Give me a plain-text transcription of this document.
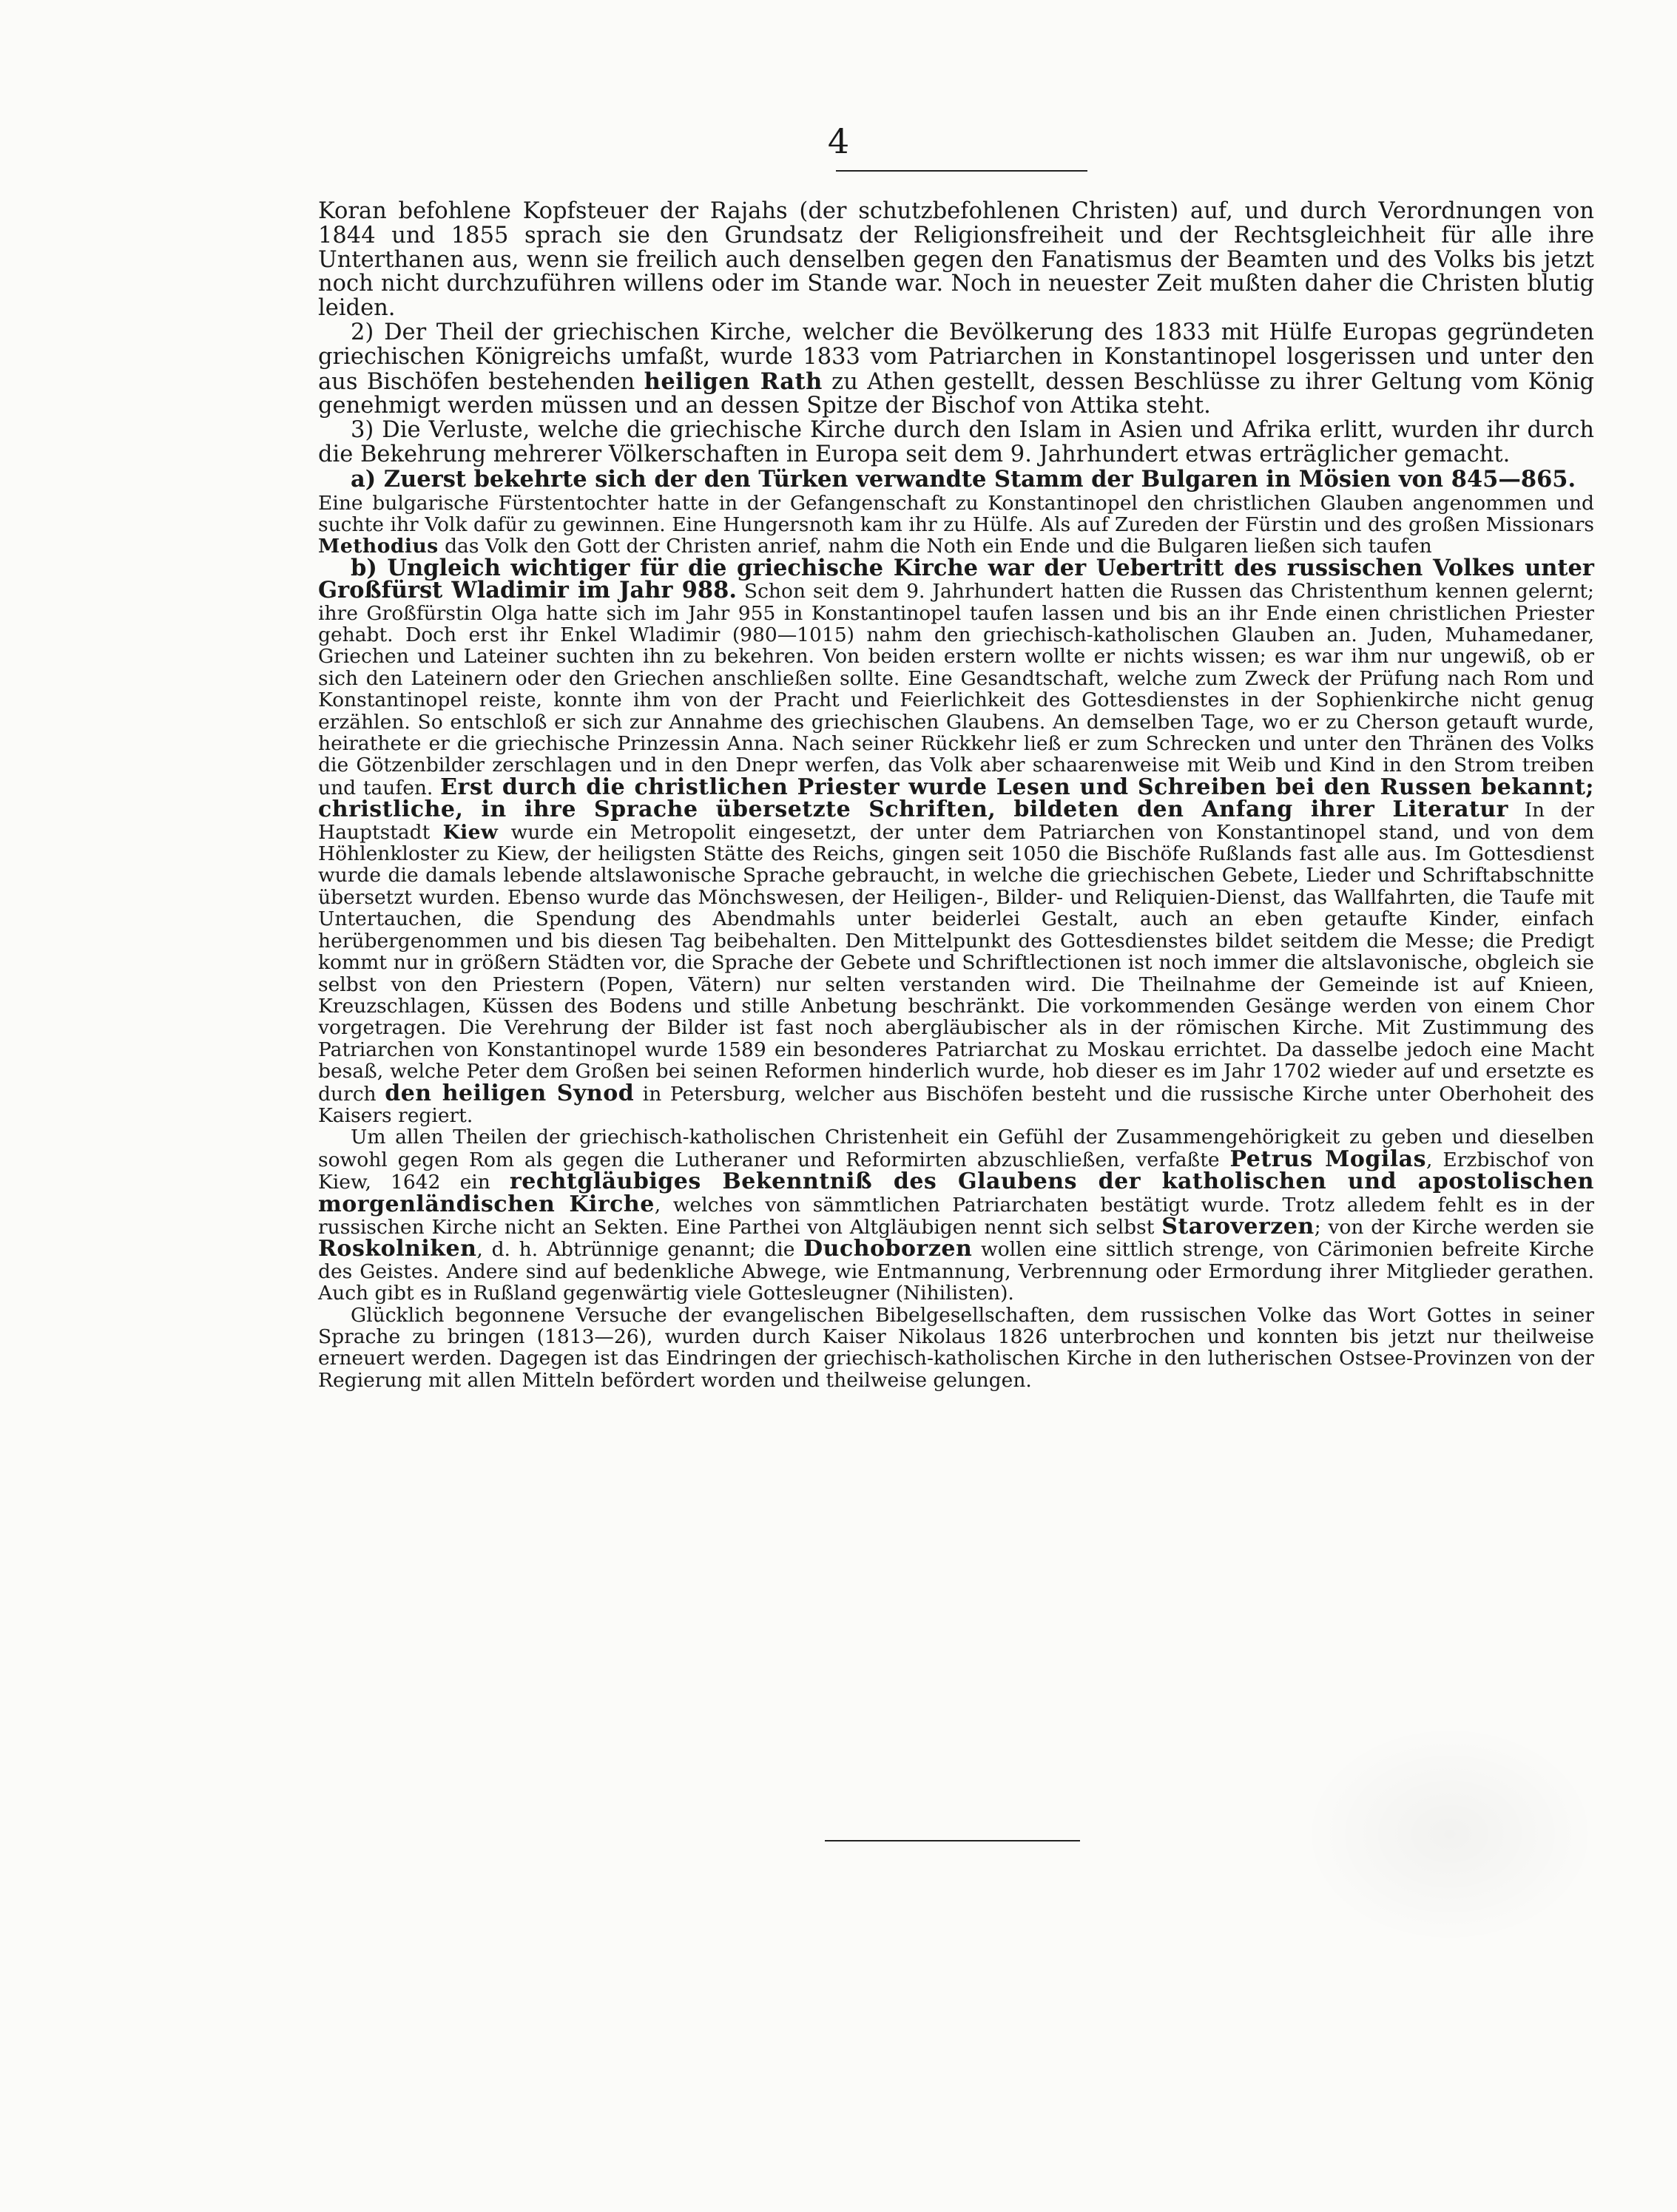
4

Koran befohlene Kopfsteuer der Rajahs (der schutzbefohlenen Christen) auf, und durch Verordnungen von 1844 und 1855 sprach sie den Grundsatz der Religionsfreiheit und der Rechtsgleichheit für alle ihre Unterthanen aus, wenn sie freilich auch denselben gegen den Fanatismus der Beamten und des Volks bis jetzt noch nicht durchzuführen willens oder im Stande war. Noch in neuester Zeit mußten daher die Christen blutig leiden.

2) Der Theil der griechischen Kirche, welcher die Bevölkerung des 1833 mit Hülfe Europas gegründeten griechischen Königreichs umfaßt, wurde 1833 vom Patriarchen in Konstantinopel losgerissen und unter den aus Bischöfen bestehenden heiligen Rath zu Athen gestellt, dessen Beschlüsse zu ihrer Geltung vom König genehmigt werden müssen und an dessen Spitze der Bischof von Attika steht.

3) Die Verluste, welche die griechische Kirche durch den Islam in Asien und Afrika erlitt, wurden ihr durch die Bekehrung mehrerer Völkerschaften in Europa seit dem 9. Jahrhundert etwas erträglicher gemacht.

a) Zuerst bekehrte sich der den Türken verwandte Stamm der Bulgaren in Mösien von 845—865.

Eine bulgarische Fürstentochter hatte in der Gefangenschaft zu Konstantinopel den christlichen Glauben angenommen und suchte ihr Volk dafür zu gewinnen. Eine Hungersnoth kam ihr zu Hülfe. Als auf Zureden der Fürstin und des großen Missionars Methodius das Volk den Gott der Christen anrief, nahm die Noth ein Ende und die Bulgaren ließen sich taufen

b) Ungleich wichtiger für die griechische Kirche war der Uebertritt des russischen Volkes unter Großfürst Wladimir im Jahr 988. Schon seit dem 9. Jahrhundert hatten die Russen das Christenthum kennen gelernt; ihre Großfürstin Olga hatte sich im Jahr 955 in Konstantinopel taufen lassen und bis an ihr Ende einen christlichen Priester gehabt. Doch erst ihr Enkel Wladimir (980—1015) nahm den griechisch-katholischen Glauben an. Juden, Muhamedaner, Griechen und Lateiner suchten ihn zu bekehren. Von beiden erstern wollte er nichts wissen; es war ihm nur ungewiß, ob er sich den Lateinern oder den Griechen anschließen sollte. Eine Gesandtschaft, welche zum Zweck der Prüfung nach Rom und Konstantinopel reiste, konnte ihm von der Pracht und Feierlichkeit des Gottesdienstes in der Sophienkirche nicht genug erzählen. So entschloß er sich zur Annahme des griechischen Glaubens. An demselben Tage, wo er zu Cherson getauft wurde, heirathete er die griechische Prinzessin Anna. Nach seiner Rückkehr ließ er zum Schrecken und unter den Thränen des Volks die Götzenbilder zerschlagen und in den Dnepr werfen, das Volk aber schaarenweise mit Weib und Kind in den Strom treiben und taufen. Erst durch die christlichen Priester wurde Lesen und Schreiben bei den Russen bekannt; christliche, in ihre Sprache übersetzte Schriften, bildeten den Anfang ihrer Literatur In der Hauptstadt Kiew wurde ein Metropolit eingesetzt, der unter dem Patriarchen von Konstantinopel stand, und von dem Höhlenkloster zu Kiew, der heiligsten Stätte des Reichs, gingen seit 1050 die Bischöfe Rußlands fast alle aus. Im Gottesdienst wurde die damals lebende altslawonische Sprache gebraucht, in welche die griechischen Gebete, Lieder und Schriftabschnitte übersetzt wurden. Ebenso wurde das Mönchswesen, der Heiligen-, Bilder- und Reliquien-Dienst, das Wallfahrten, die Taufe mit Untertauchen, die Spendung des Abendmahls unter beiderlei Gestalt, auch an eben getaufte Kinder, einfach herübergenommen und bis diesen Tag beibehalten. Den Mittelpunkt des Gottesdienstes bildet seitdem die Messe; die Predigt kommt nur in größern Städten vor, die Sprache der Gebete und Schriftlectionen ist noch immer die altslavonische, obgleich sie selbst von den Priestern (Popen, Vätern) nur selten verstanden wird. Die Theilnahme der Gemeinde ist auf Knieen, Kreuzschlagen, Küssen des Bodens und stille Anbetung beschränkt. Die vorkommenden Gesänge werden von einem Chor vorgetragen. Die Verehrung der Bilder ist fast noch abergläubischer als in der römischen Kirche. Mit Zustimmung des Patriarchen von Konstantinopel wurde 1589 ein besonderes Patriarchat zu Moskau errichtet. Da dasselbe jedoch eine Macht besaß, welche Peter dem Großen bei seinen Reformen hinderlich wurde, hob dieser es im Jahr 1702 wieder auf und ersetzte es durch den heiligen Synod in Petersburg, welcher aus Bischöfen besteht und die russische Kirche unter Oberhoheit des Kaisers regiert.

Um allen Theilen der griechisch-katholischen Christenheit ein Gefühl der Zusammengehörigkeit zu geben und dieselben sowohl gegen Rom als gegen die Lutheraner und Reformirten abzuschließen, verfaßte Petrus Mogilas, Erzbischof von Kiew, 1642 ein rechtgläubiges Bekenntniß des Glaubens der katholischen und apostolischen morgenländischen Kirche, welches von sämmtlichen Patriarchaten bestätigt wurde. Trotz alledem fehlt es in der russischen Kirche nicht an Sekten. Eine Parthei von Altgläubigen nennt sich selbst Staroverzen; von der Kirche werden sie Roskolniken, d. h. Abtrünnige genannt; die Duchoborzen wollen eine sittlich strenge, von Cärimonien befreite Kirche des Geistes. Andere sind auf bedenkliche Abwege, wie Entmannung, Verbrennung oder Ermordung ihrer Mitglieder gerathen. Auch gibt es in Rußland gegenwärtig viele Gottesleugner (Nihilisten).

Glücklich begonnene Versuche der evangelischen Bibelgesellschaften, dem russischen Volke das Wort Gottes in seiner Sprache zu bringen (1813—26), wurden durch Kaiser Nikolaus 1826 unterbrochen und konnten bis jetzt nur theilweise erneuert werden. Dagegen ist das Eindringen der griechisch-katholischen Kirche in den lutherischen Ostsee-Provinzen von der Regierung mit allen Mitteln befördert worden und theilweise gelungen.
